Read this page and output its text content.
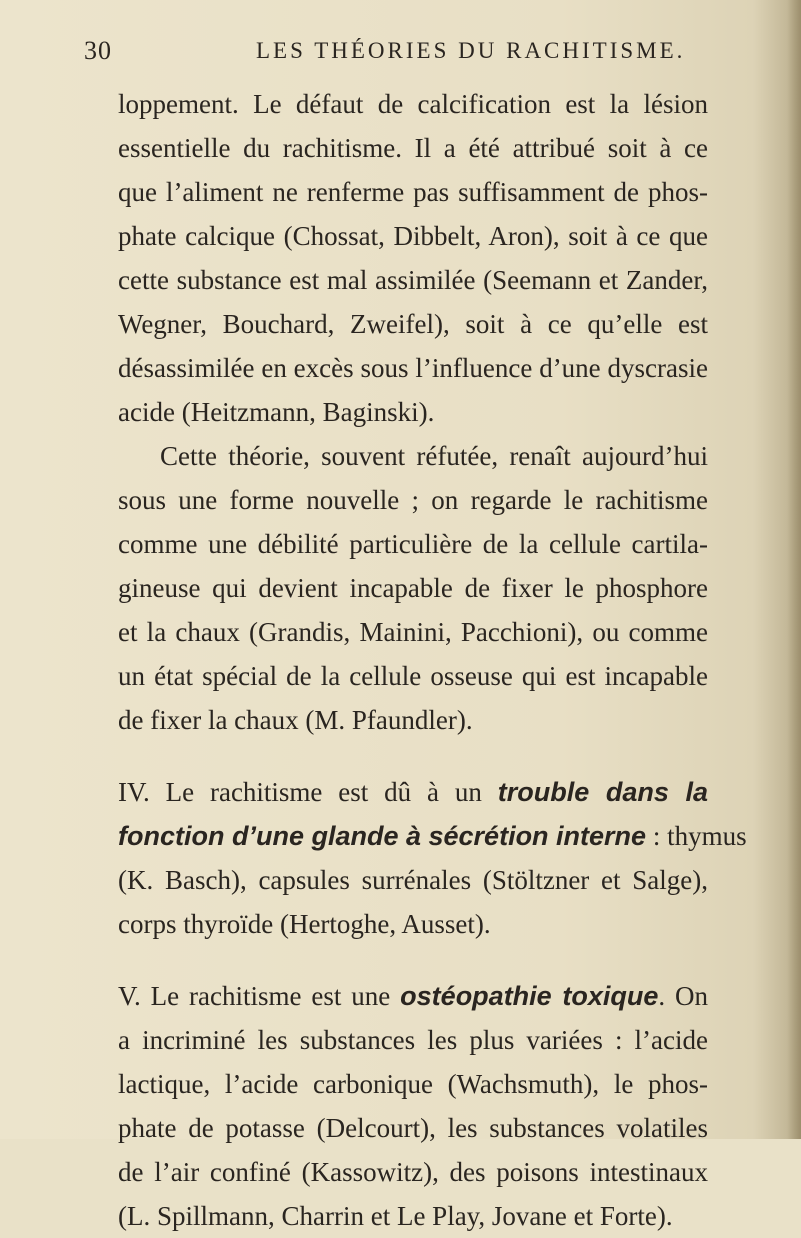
30	LES THÉORIES DU RACHITISME.
loppement. Le défaut de calcification est la lésion
essentielle du rachitisme. Il a été attribué soit à ce
que l’aliment ne renferme pas suffisamment de phos-
phate calcique (Chossat, Dibbelt, Aron), soit à ce que
cette substance est mal assimilée (Seemann et Zander,
Wegner, Bouchard, Zweifel), soit à ce qu’elle est
désassimilée en excès sous l’influence d’une dyscrasie
acide (Heitzmann, Baginski).
Cette théorie, souvent réfutée, renaît aujourd’hui
sous une forme nouvelle ; on regarde le rachitisme
comme une débilité particulière de la cellule cartila-
gineuse qui devient incapable de fixer le phosphore
et la chaux (Grandis, Mainini, Pacchioni), ou comme
un état spécial de la cellule osseuse qui est incapable
de fixer la chaux (M. Pfaundler).
IV. Le rachitisme est dû à un trouble dans la
fonction d’une glande à sécrétion interne : thymus
(K. Basch), capsules surrénales (Stöltzner et Salge),
corps thyroïde (Hertoghe, Ausset).
V. Le rachitisme est une ostéopathie toxique. On
a incriminé les substances les plus variées : l’acide
lactique, l’acide carbonique (Wachsmuth), le phos-
phate de potasse (Delcourt), les substances volatiles
de l’air confiné (Kassowitz), des poisons intestinaux
(L. Spillmann, Charrin et Le Play, Jovane et Forte).
